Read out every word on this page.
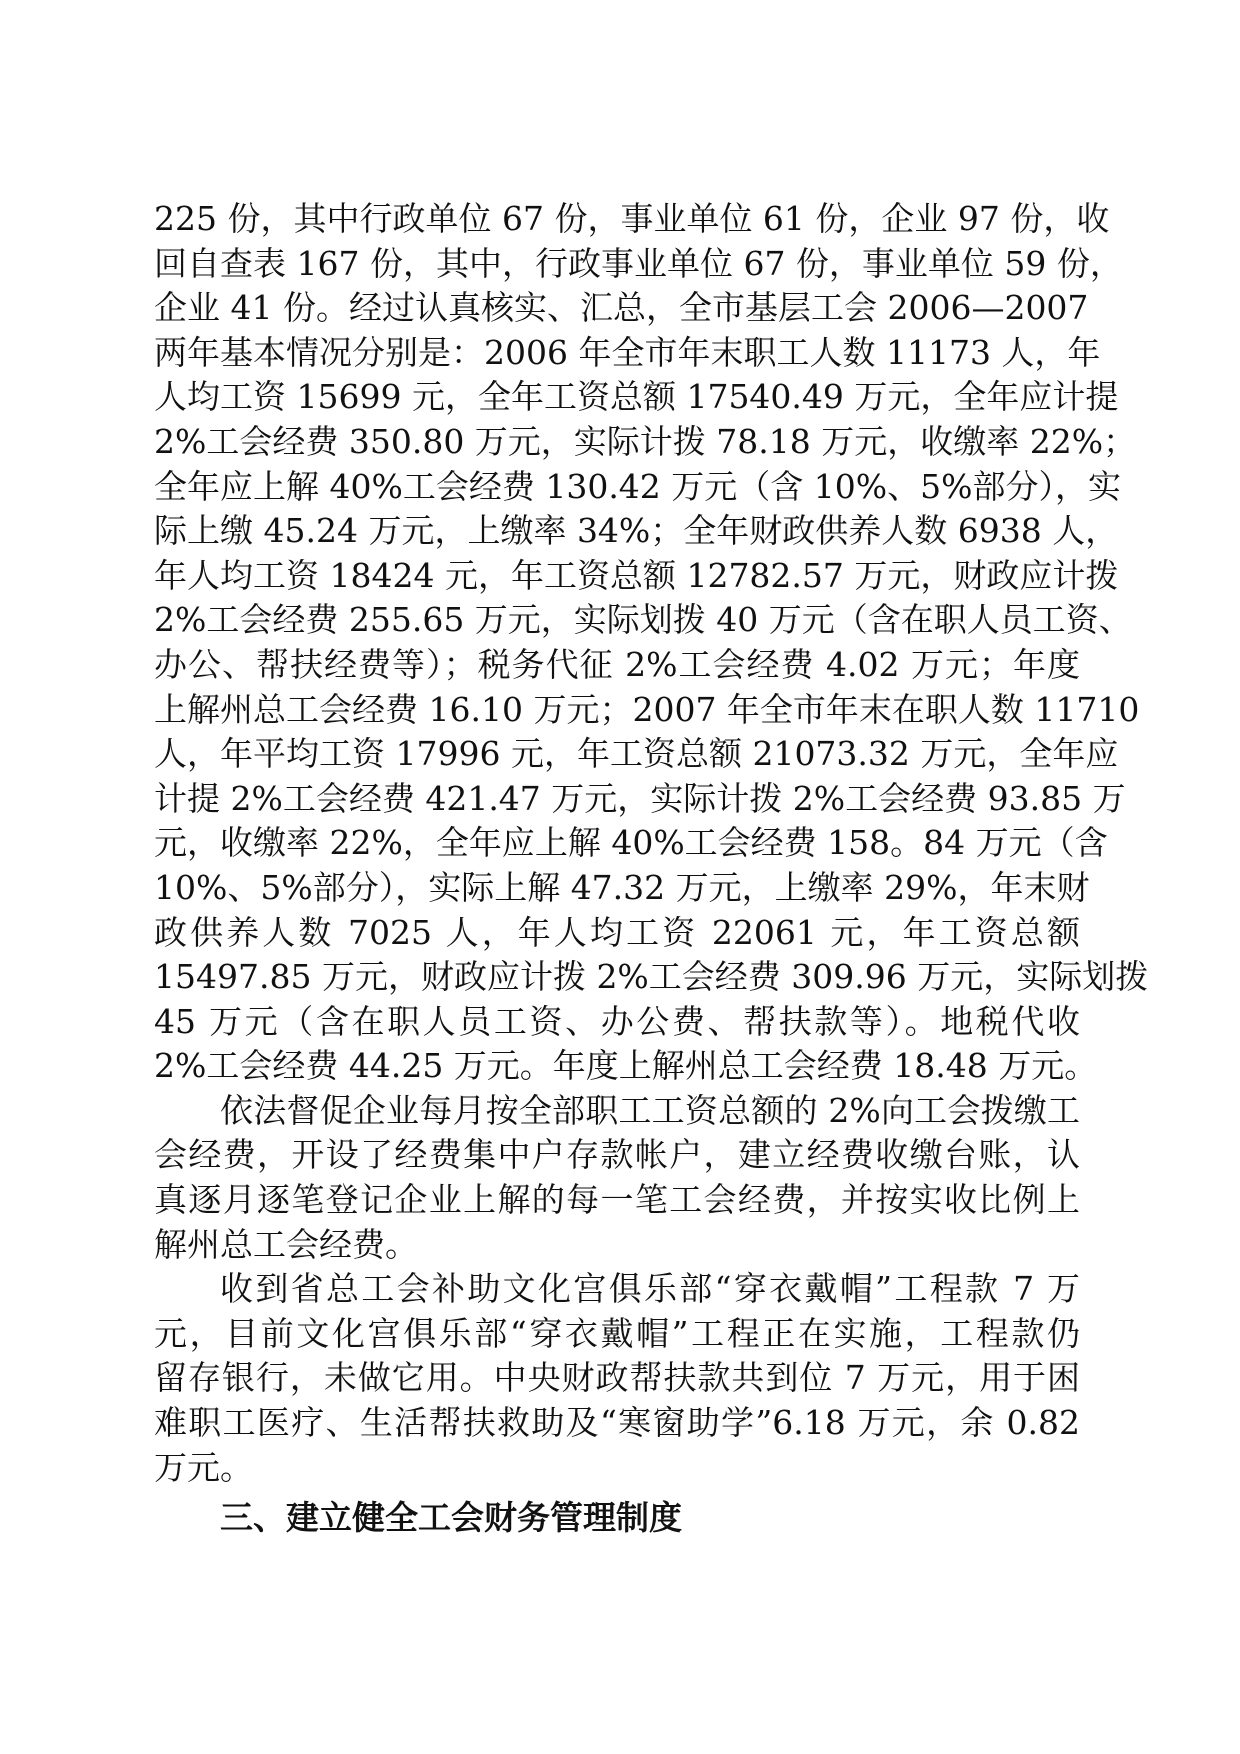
225 份，其中行政单位 67 份，事业单位 61 份，企业 97 份，收
回自查表 167 份，其中，行政事业单位 67 份，事业单位 59 份，
企业 41 份。经过认真核实、汇总，全市基层工会 2006—2007
两年基本情况分别是：2006 年全市年末职工人数 11173 人，年
人均工资 15699 元，全年工资总额 17540.49 万元，全年应计提
2%工会经费 350.80 万元，实际计拨 78.18 万元，收缴率 22%；
全年应上解 40%工会经费 130.42 万元（含 10%、5%部分），实
际上缴 45.24 万元，上缴率 34%；全年财政供养人数 6938 人，
年人均工资 18424 元，年工资总额 12782.57 万元，财政应计拨
2%工会经费 255.65 万元，实际划拨 40 万元（含在职人员工资、
办公、帮扶经费等）；税务代征 2%工会经费 4.02 万元；年度
上解州总工会经费 16.10 万元；2007 年全市年末在职人数 11710
人，年平均工资 17996 元，年工资总额 21073.32 万元，全年应
计提 2%工会经费 421.47 万元，实际计拨 2%工会经费 93.85 万
元，收缴率 22%，全年应上解 40%工会经费 158。84 万元（含
10%、5%部分），实际上解 47.32 万元，上缴率 29%，年末财
政供养人数 7025 人，年人均工资 22061 元，年工资总额
15497.85 万元，财政应计拨 2%工会经费 309.96 万元，实际划拨
45 万元（含在职人员工资、办公费、帮扶款等）。地税代收
2%工会经费 44.25 万元。年度上解州总工会经费 18.48 万元。
依法督促企业每月按全部职工工资总额的 2%向工会拨缴工
会经费，开设了经费集中户存款帐户，建立经费收缴台账，认
真逐月逐笔登记企业上解的每一笔工会经费，并按实收比例上
解州总工会经费。
收到省总工会补助文化宫俱乐部“穿衣戴帽”工程款 7 万
元，目前文化宫俱乐部“穿衣戴帽”工程正在实施，工程款仍
留存银行，未做它用。中央财政帮扶款共到位 7 万元，用于困
难职工医疗、生活帮扶救助及“寒窗助学”6.18 万元，余 0.82
万元。
三、建立健全工会财务管理制度
